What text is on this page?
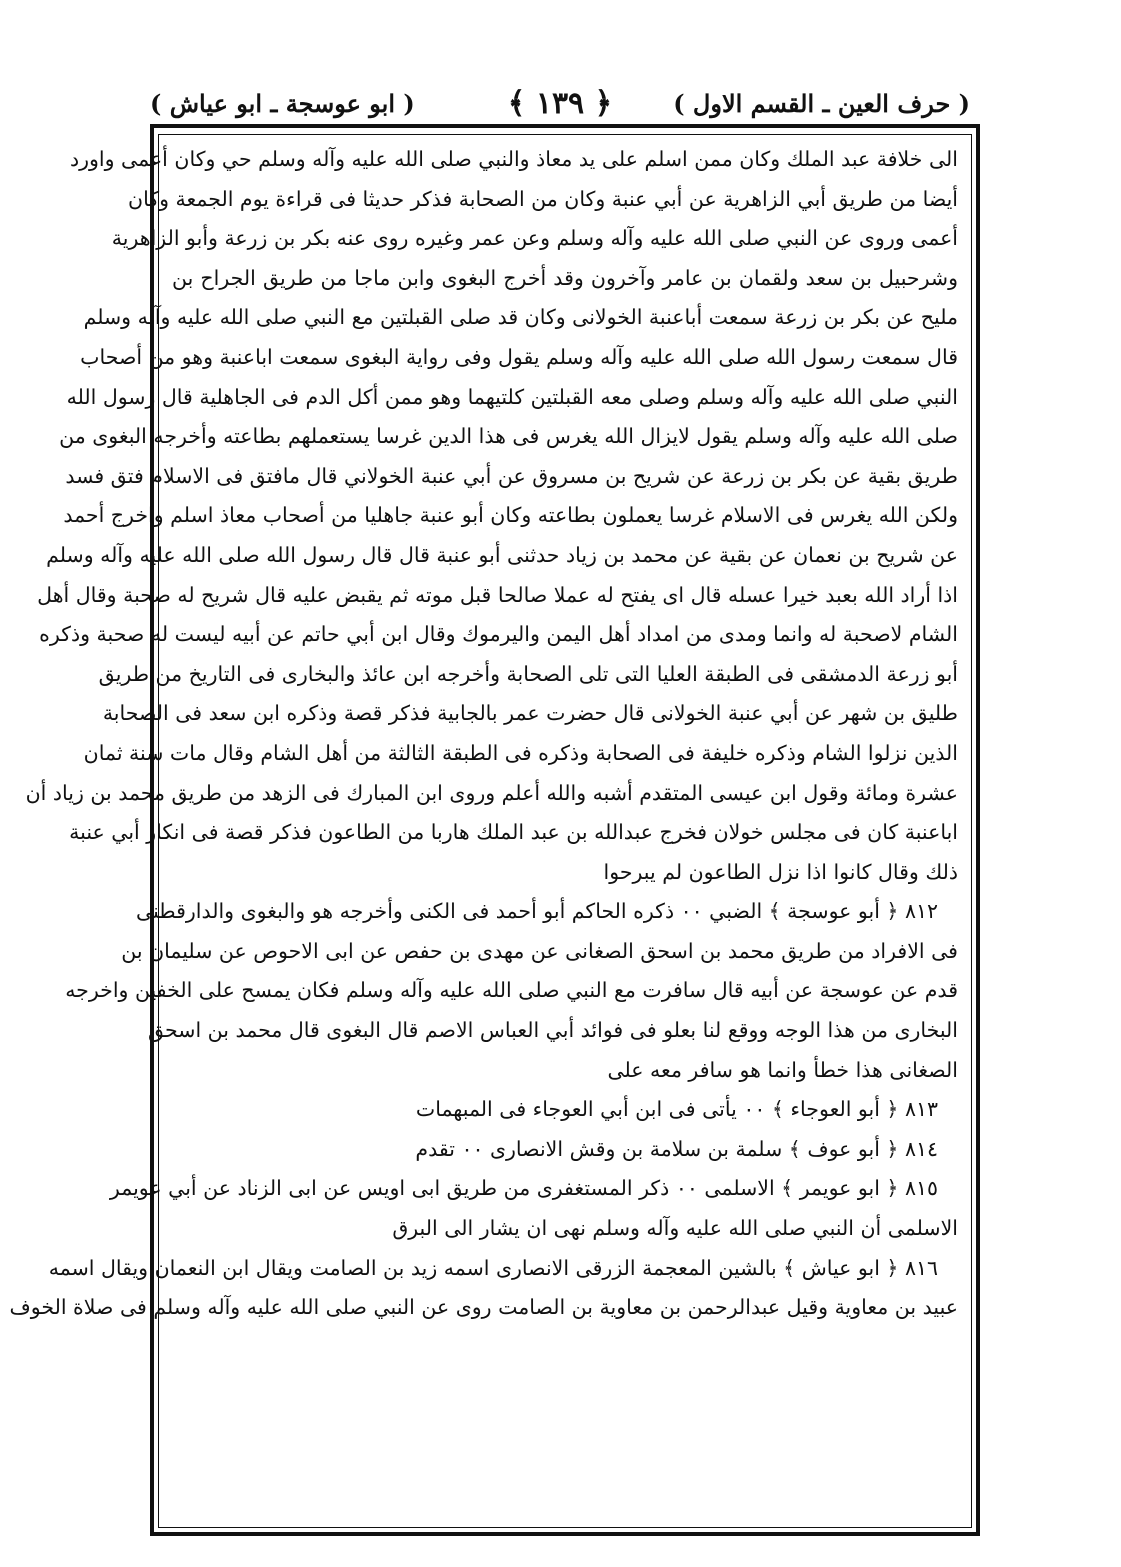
( حرف العين ـ القسم الاول )
﴿ ١٣٩ ﴾
( ابو عوسجة ـ ابو عياش )
الى خلافة عبد الملك وكان ممن اسلم على يد معاذ والنبي صلى الله عليه وآله وسلم حي وكان أعمى واورد
أيضا من طريق أبي الزاهرية عن أبي عنبة وكان من الصحابة فذكر حديثا فى قراءة يوم الجمعة وكان
أعمى وروى عن النبي صلى الله عليه وآله وسلم وعن عمر وغيره روى عنه بكر بن زرعة وأبو الزاهرية
وشرحبيل بن سعد ولقمان بن عامر وآخرون وقد أخرج البغوى وابن ماجا من طريق الجراح بن
مليح عن بكر بن زرعة سمعت أباعنبة الخولانى وكان قد صلى القبلتين مع النبي صلى الله عليه وآله وسلم
قال سمعت رسول الله صلى الله عليه وآله وسلم يقول وفى رواية البغوى سمعت اباعنبة وهو من أصحاب
النبي صلى الله عليه وآله وسلم وصلى معه القبلتين كلتيهما وهو ممن أكل الدم فى الجاهلية قال رسول الله
صلى الله عليه وآله وسلم يقول لايزال الله يغرس فى هذا الدين غرسا يستعملهم بطاعته وأخرجه البغوى من
طريق بقية عن بكر بن زرعة عن شريح بن مسروق عن أبي عنبة الخولاني قال مافتق فى الاسلام فتق فسد
ولكن الله يغرس فى الاسلام غرسا يعملون بطاعته وكان أبو عنبة جاهليا من أصحاب معاذ اسلم واخرج أحمد
عن شريح بن نعمان عن بقية عن محمد بن زياد حدثنى أبو عنبة قال قال رسول الله صلى الله عليه وآله وسلم
اذا أراد الله بعبد خيرا عسله قال اى يفتح له عملا صالحا قبل موته ثم يقبض عليه قال شريح له صحبة وقال أهل
الشام لاصحبة له وانما ومدى من امداد أهل اليمن واليرموك وقال ابن أبي حاتم عن أبيه ليست له صحبة وذكره
أبو زرعة الدمشقى فى الطبقة العليا التى تلى الصحابة وأخرجه ابن عائذ والبخارى فى التاريخ من طريق
طليق بن شهر عن أبي عنبة الخولانى قال حضرت عمر بالجابية فذكر قصة وذكره ابن سعد فى الصحابة
الذين نزلوا الشام وذكره خليفة فى الصحابة وذكره فى الطبقة الثالثة من أهل الشام وقال مات سنة ثمان
عشرة ومائة وقول ابن عيسى المتقدم أشبه والله أعلم وروى ابن المبارك فى الزهد من طريق محمد بن زياد أن
اباعنبة كان فى مجلس خولان فخرج عبدالله بن عبد الملك هاربا من الطاعون فذكر قصة فى انكار أبي عنبة
ذلك وقال كانوا اذا نزل الطاعون لم يبرحوا
٨١٢ ﴿ أبو عوسجة ﴾ الضبي ٠٠ ذكره الحاكم أبو أحمد فى الكنى وأخرجه هو والبغوى والدارقطنى
فى الافراد من طريق محمد بن اسحق الصغانى عن مهدى بن حفص عن ابى الاحوص عن سليمان بن
قدم عن عوسجة عن أبيه قال سافرت مع النبي صلى الله عليه وآله وسلم فكان يمسح على الخفين واخرجه
البخارى من هذا الوجه ووقع لنا بعلو فى فوائد أبي العباس الاصم قال البغوى قال محمد بن اسحق
الصغانى هذا خطأ وانما هو سافر معه على
٨١٣ ﴿ أبو العوجاء ﴾ ٠٠ يأتى فى ابن أبي العوجاء فى المبهمات
٨١٤ ﴿ أبو عوف ﴾ سلمة بن سلامة بن وقش الانصارى ٠٠ تقدم
٨١٥ ﴿ ابو عويمر ﴾ الاسلمى ٠٠ ذكر المستغفرى من طريق ابى اويس عن ابى الزناد عن أبي عويمر
الاسلمى أن النبي صلى الله عليه وآله وسلم نهى ان يشار الى البرق
٨١٦ ﴿ ابو عياش ﴾ بالشين المعجمة الزرقى الانصارى اسمه زيد بن الصامت ويقال ابن النعمان ويقال اسمه
عبيد بن معاوية وقيل عبدالرحمن بن معاوية بن الصامت روى عن النبي صلى الله عليه وآله وسلم فى صلاة الخوف
